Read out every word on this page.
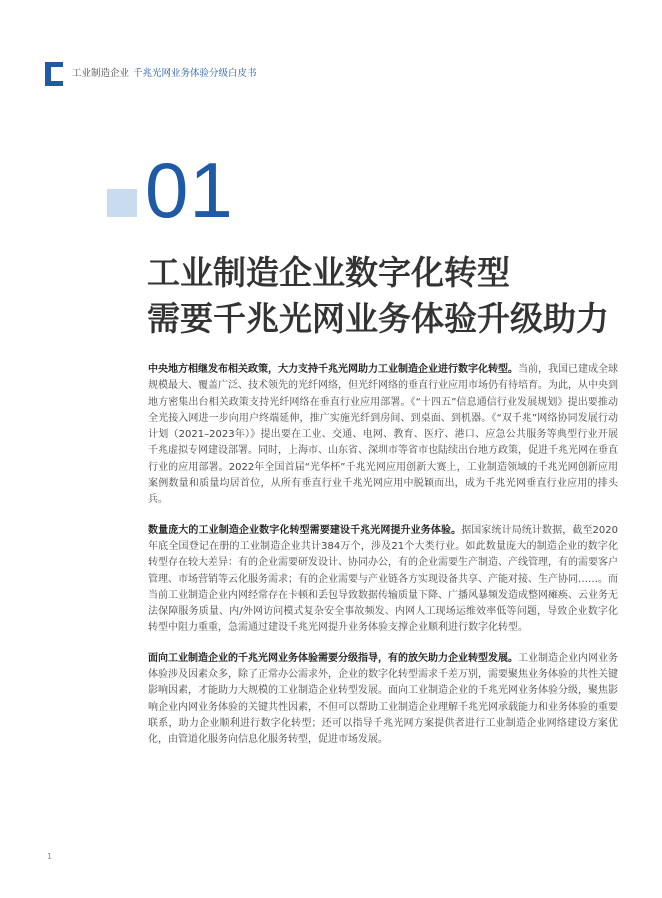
工业制造企业 千兆光网业务体验分级白皮书
01
工业制造企业数字化转型
需要千兆光网业务体验升级助力

中央地方相继发布相关政策，大力支持千兆光网助力工业制造企业进行数字化转型。当前，我国已建成全球规模最大、覆盖广泛、技术领先的光纤网络，但光纤网络的垂直行业应用市场仍有待培育。为此，从中央到地方密集出台相关政策支持光纤网络在垂直行业应用部署。《“十四五”信息通信行业发展规划》提出要推动全光接入网进一步向用户终端延伸，推广实施光纤到房间、到桌面、到机器。《“双千兆”网络协同发展行动计划（2021–2023年）》提出要在工业、交通、电网、教育、医疗、港口、应急公共服务等典型行业开展千兆虚拟专网建设部署。同时，上海市、山东省、深圳市等省市也陆续出台地方政策，促进千兆光网在垂直行业的应用部署。2022年全国首届“光华杯”千兆光网应用创新大赛上，工业制造领域的千兆光网创新应用案例数量和质量均居首位，从所有垂直行业千兆光网应用中脱颖而出，成为千兆光网垂直行业应用的排头兵。

数量庞大的工业制造企业数字化转型需要建设千兆光网提升业务体验。据国家统计局统计数据，截至2020年底全国登记在册的工业制造企业共计384万个，涉及21个大类行业。如此数量庞大的制造企业的数字化转型存在较大差异：有的企业需要研发设计、协同办公，有的企业需要生产制造、产线管理，有的需要客户管理、市场营销等云化服务需求；有的企业需要与产业链各方实现设备共享、产能对接、生产协同……。而当前工业制造企业内网经常存在卡顿和丢包导致数据传输质量下降、广播风暴频发造成整网瘫痪、云业务无法保障服务质量、内/外网访问模式复杂安全事故频发、内网人工现场运维效率低等问题，导致企业数字化转型中阻力重重，急需通过建设千兆光网提升业务体验支撑企业顺利进行数字化转型。

面向工业制造企业的千兆光网业务体验需要分级指导，有的放矢助力企业转型发展。工业制造企业内网业务体验涉及因素众多，除了正常办公需求外，企业的数字化转型需求千差万别，需要聚焦业务体验的共性关键影响因素，才能助力大规模的工业制造企业转型发展。面向工业制造企业的千兆光网业务体验分级，聚焦影响企业内网业务体验的关键共性因素，不但可以帮助工业制造企业理解千兆光网承载能力和业务体验的重要联系，助力企业顺利进行数字化转型；还可以指导千兆光网方案提供者进行工业制造企业网络建设方案优化，由管道化服务向信息化服务转型，促进市场发展。

1
